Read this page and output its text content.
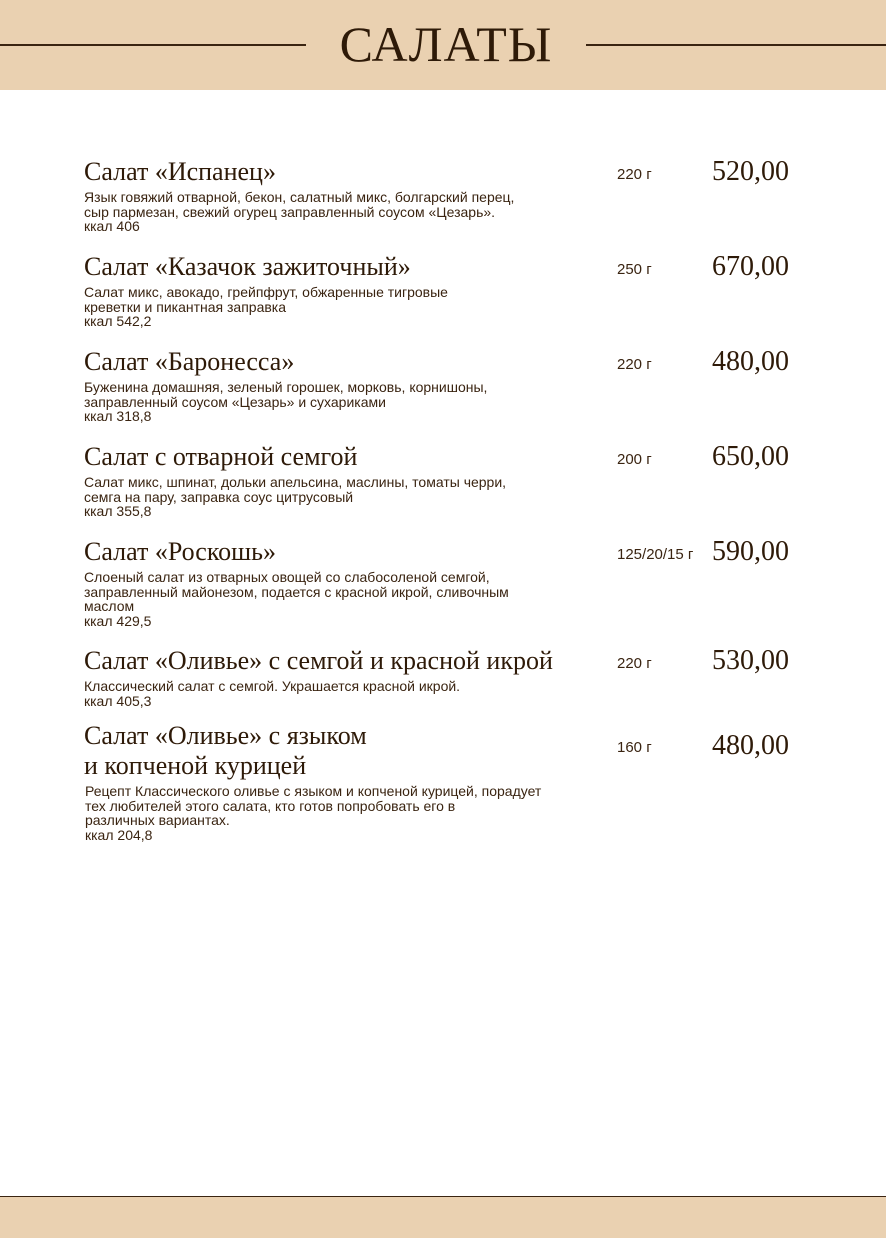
САЛАТЫ
Салат «Испанец»
Язык говяжий отварной, бекон, салатный микс, болгарский перец,
сыр пармезан, свежий огурец заправленный соусом «Цезарь».
ккал 406
220 г 520,00
Салат «Казачок зажиточный»
Салат микс, авокадо, грейпфрут, обжаренные тигровые
креветки и пикантная заправка
ккал 542,2
250 г 670,00
Салат «Баронесса»
Буженина домашняя, зеленый горошек, морковь, корнишоны,
заправленный соусом «Цезарь» и сухариками
ккал 318,8
220 г 480,00
Салат с отварной семгой
Салат микс, шпинат, дольки апельсина, маслины, томаты черри,
семга на пару, заправка соус цитрусовый
ккал 355,8
200 г 650,00
Салат «Роскошь»
Слоеный салат из отварных овощей со слабосоленой семгой,
заправленный майонезом, подается с красной икрой, сливочным
маслом
ккал 429,5
125/20/15 г 590,00
Салат «Оливье» с семгой и красной икрой
Классический салат с семгой. Украшается красной икрой.
ккал 405,3
220 г 530,00
Салат «Оливье» с языком
и копченой курицей
Рецепт Классического оливье с языком и копченой курицей, порадует
тех любителей этого салата, кто готов попробовать его в
различных вариантах.
ккал 204,8
160 г 480,00
